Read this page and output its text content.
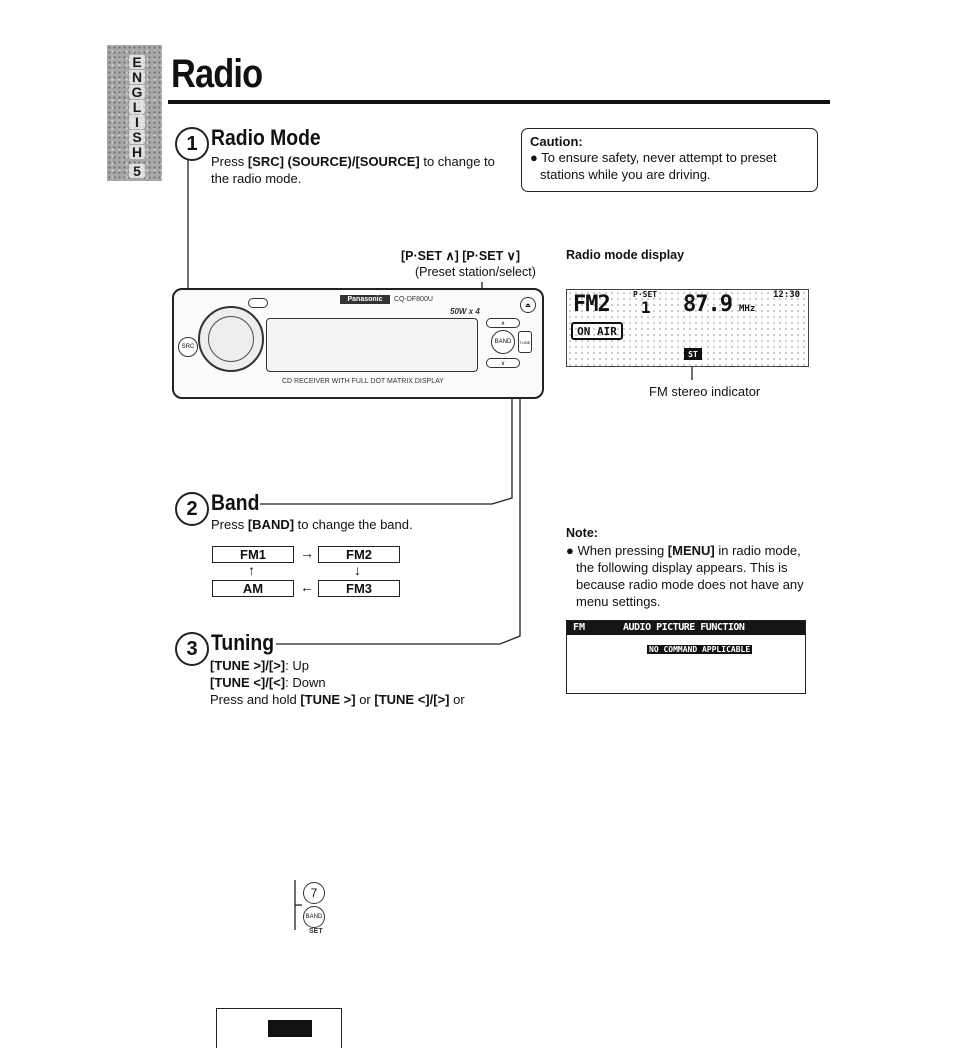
E
N
G
L
I
S
H
5
Radio
1 Radio Mode
Press [SRC] (SOURCE)/[SOURCE] to change to the radio mode.
Caution:
● To ensure safety, never attempt to preset stations while you are driving.
[P·SET ∧] [P·SET ∨]
(Preset station/select)
Radio mode display
Panasonic	CQ-DF800U
50W x 4
CD RECEIVER WITH FULL DOT MATRIX DISPLAY
SRC
BAND
∧
∨
TUNE
⏏ FM2	P·SET
1 87.9 MHz
12:30
ON AIR
ST
FM stereo indicator
2 Band
Press [BAND] to change the band.
FM1	→	FM2
↑	↓
AM	←	FM3
3 Tuning
[TUNE >]/[>]: Up
[TUNE <]/[<]: Down
Press and hold [TUNE >] or [TUNE <]/[>] or
Note:
● When pressing [MENU] in radio mode, the following display appears. This is because radio mode does not have any menu settings.
FM	AUDIO PICTURE FUNCTION
NO COMMAND APPLICABLE
7
BAND
SET
